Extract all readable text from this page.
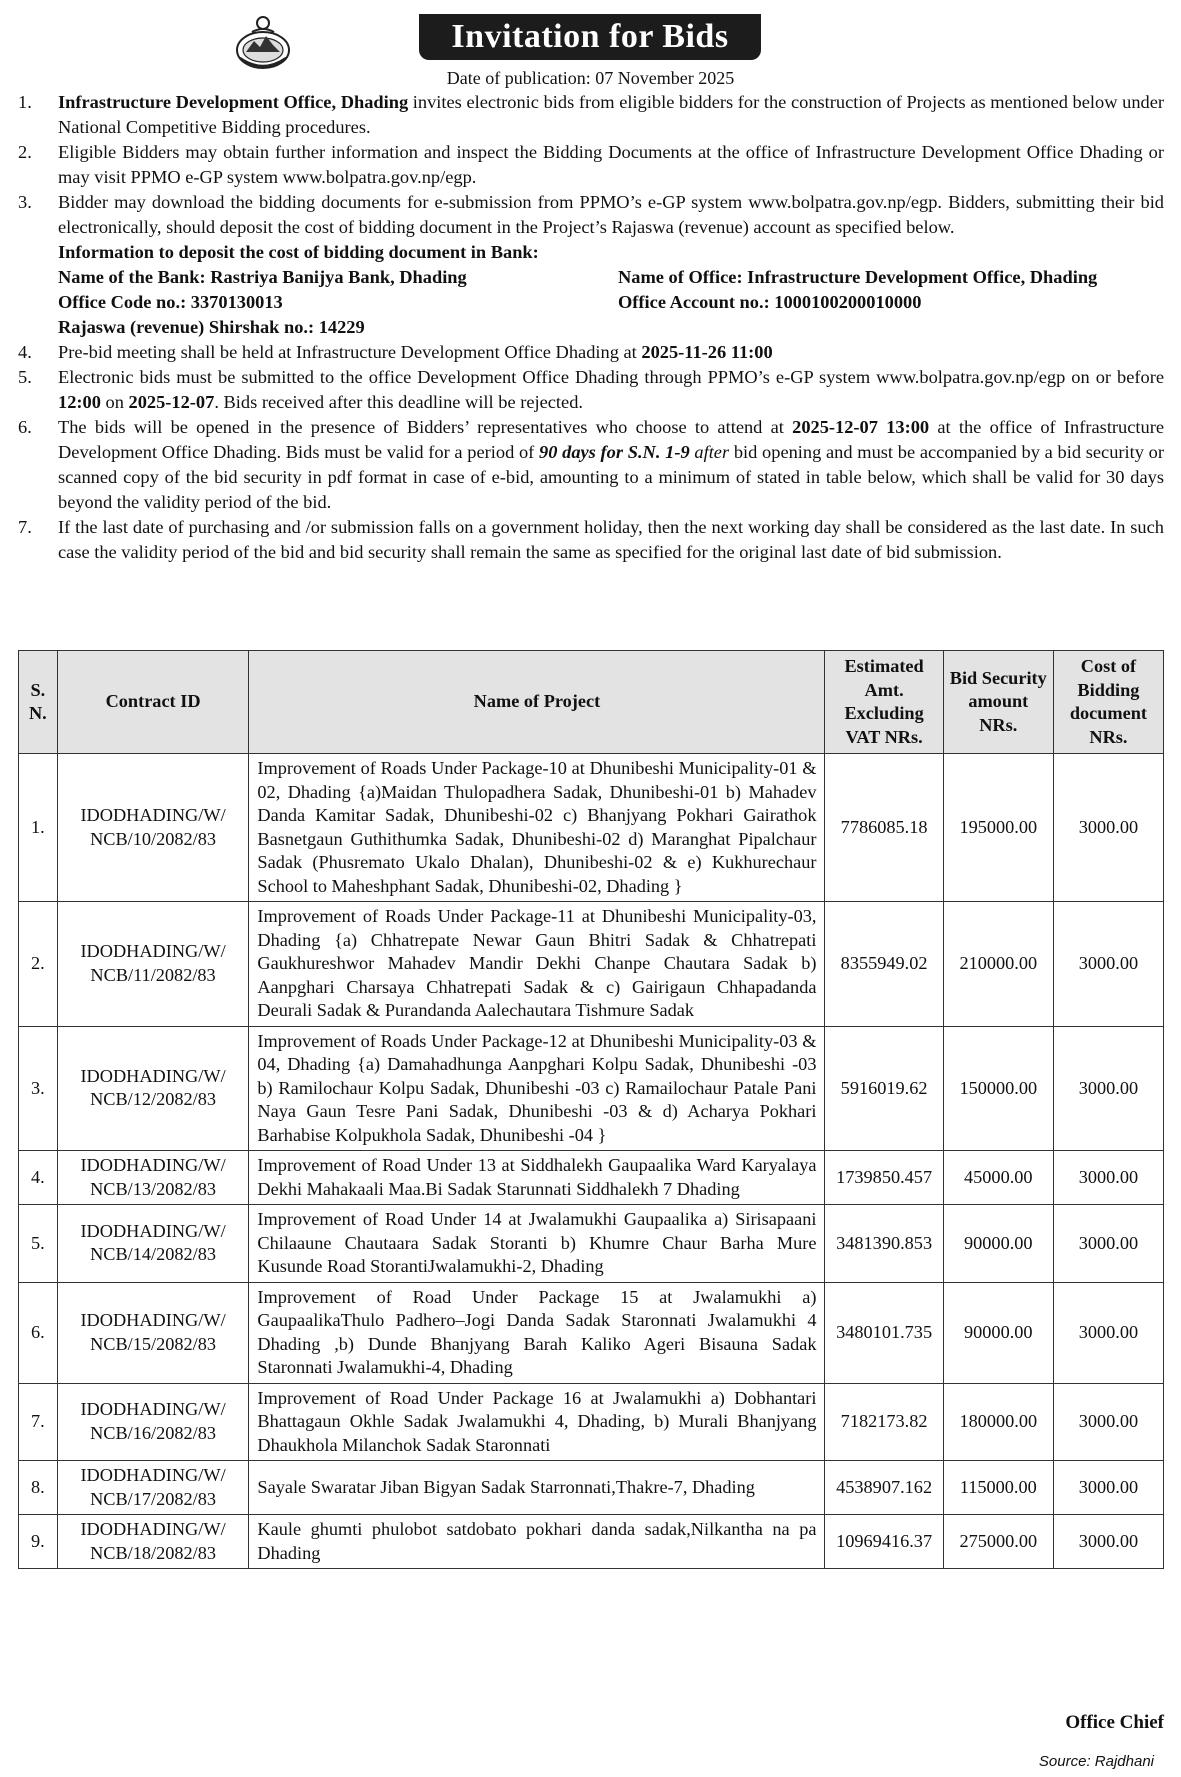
Invitation for Bids
Date of publication: 07 November 2025
1.	Infrastructure Development Office, Dhading invites electronic bids from eligible bidders for the construction of Projects as mentioned below under National Competitive Bidding procedures.
2.	Eligible Bidders may obtain further information and inspect the Bidding Documents at the office of Infrastructure Development Office Dhading or may visit PPMO e-GP system www.bolpatra.gov.np/egp.
3.	Bidder may download the bidding documents for e-submission from PPMO’s e-GP system www.bolpatra.gov.np/egp. Bidders, submitting their bid electronically, should deposit the cost of bidding document in the Project’s Rajaswa (revenue) account as specified below.
Information to deposit the cost of bidding document in Bank:
Name of the Bank: Rastriya Banijya Bank, Dhading	Name of Office: Infrastructure Development Office, Dhading
Office Code no.: 3370130013	Office Account no.: 1000100200010000
Rajaswa (revenue) Shirshak no.: 14229
4.	Pre-bid meeting shall be held at Infrastructure Development Office Dhading at 2025-11-26 11:00
5.	Electronic bids must be submitted to the office Development Office Dhading through PPMO’s e-GP system www.bolpatra.gov.np/egp on or before 12:00 on 2025-12-07. Bids received after this deadline will be rejected.
6.	The bids will be opened in the presence of Bidders’ representatives who choose to attend at 2025-12-07 13:00 at the office of Infrastructure Development Office Dhading. Bids must be valid for a period of 90 days for S.N. 1-9 after bid opening and must be accompanied by a bid security or scanned copy of the bid security in pdf format in case of e-bid, amounting to a minimum of stated in table below, which shall be valid for 30 days beyond the validity period of the bid.
7.	If the last date of purchasing and /or submission falls on a government holiday, then the next working day shall be considered as the last date. In such case the validity period of the bid and bid security shall remain the same as specified for the original last date of bid submission.
S. N.	Contract ID	Name of Project	Estimated Amt. Excluding VAT NRs.	Bid Security amount NRs.	Cost of Bidding document NRs.
1.	IDODHADING/W/ NCB/10/2082/83	Improvement of Roads Under Package-10 at Dhunibeshi Municipality-01 & 02, Dhading {a)Maidan Thulopadhera Sadak, Dhunibeshi-01 b) Mahadev Danda Kamitar Sadak, Dhunibeshi-02 c) Bhanjyang Pokhari Gairathok Basnetgaun Guthithumka Sadak, Dhunibeshi-02 d) Maranghat Pipalchaur Sadak (Phusremato Ukalo Dhalan), Dhunibeshi-02 & e) Kukhurechaur School to Maheshphant Sadak, Dhunibeshi-02, Dhading }	7786085.18	195000.00	3000.00
2.	IDODHADING/W/ NCB/11/2082/83	Improvement of Roads Under Package-11 at Dhunibeshi Municipality-03, Dhading {a) Chhatrepate Newar Gaun Bhitri Sadak & Chhatrepati Gaukhureshwor Mahadev Mandir Dekhi Chanpe Chautara Sadak b) Aanpghari Charsaya Chhatrepati Sadak & c) Gairigaun Chhapadanda Deurali Sadak & Purandanda Aalechautara Tishmure Sadak	8355949.02	210000.00	3000.00
3.	IDODHADING/W/ NCB/12/2082/83	Improvement of Roads Under Package-12 at Dhunibeshi Municipality-03 & 04, Dhading {a) Damahadhunga Aanpghari Kolpu Sadak, Dhunibeshi -03 b) Ramilochaur Kolpu Sadak, Dhunibeshi -03 c) Ramailochaur Patale Pani Naya Gaun Tesre Pani Sadak, Dhunibeshi -03 & d) Acharya Pokhari Barhabise Kolpukhola Sadak, Dhunibeshi -04 }	5916019.62	150000.00	3000.00
4.	IDODHADING/W/ NCB/13/2082/83	Improvement of Road Under 13 at Siddhalekh Gaupaalika Ward Karyalaya Dekhi Mahakaali Maa.Bi Sadak Starunnati Siddhalekh 7 Dhading	1739850.457	45000.00	3000.00
5.	IDODHADING/W/ NCB/14/2082/83	Improvement of Road Under 14 at Jwalamukhi Gaupaalika a) Sirisapaani Chilaaune Chautaara Sadak Storanti b) Khumre Chaur Barha Mure Kusunde Road StorantiJwalamukhi-2, Dhading	3481390.853	90000.00	3000.00
6.	IDODHADING/W/ NCB/15/2082/83	Improvement of Road Under Package 15 at Jwalamukhi a) GaupaalikaThulo Padhero–Jogi Danda Sadak Staronnati Jwalamukhi 4 Dhading ,b) Dunde Bhanjyang Barah Kaliko Ageri Bisauna Sadak Staronnati Jwalamukhi-4, Dhading	3480101.735	90000.00	3000.00
7.	IDODHADING/W/ NCB/16/2082/83	Improvement of Road Under Package 16 at Jwalamukhi a) Dobhantari Bhattagaun Okhle Sadak Jwalamukhi 4, Dhading, b) Murali Bhanjyang Dhaukhola Milanchok Sadak Staronnati	7182173.82	180000.00	3000.00
8.	IDODHADING/W/ NCB/17/2082/83	Sayale Swaratar Jiban Bigyan Sadak Starronnati,Thakre-7, Dhading	4538907.162	115000.00	3000.00
9.	IDODHADING/W/ NCB/18/2082/83	Kaule ghumti phulobot satdobato pokhari danda sadak,Nilkantha na pa Dhading	10969416.37	275000.00	3000.00
Office Chief
Source: Rajdhani
